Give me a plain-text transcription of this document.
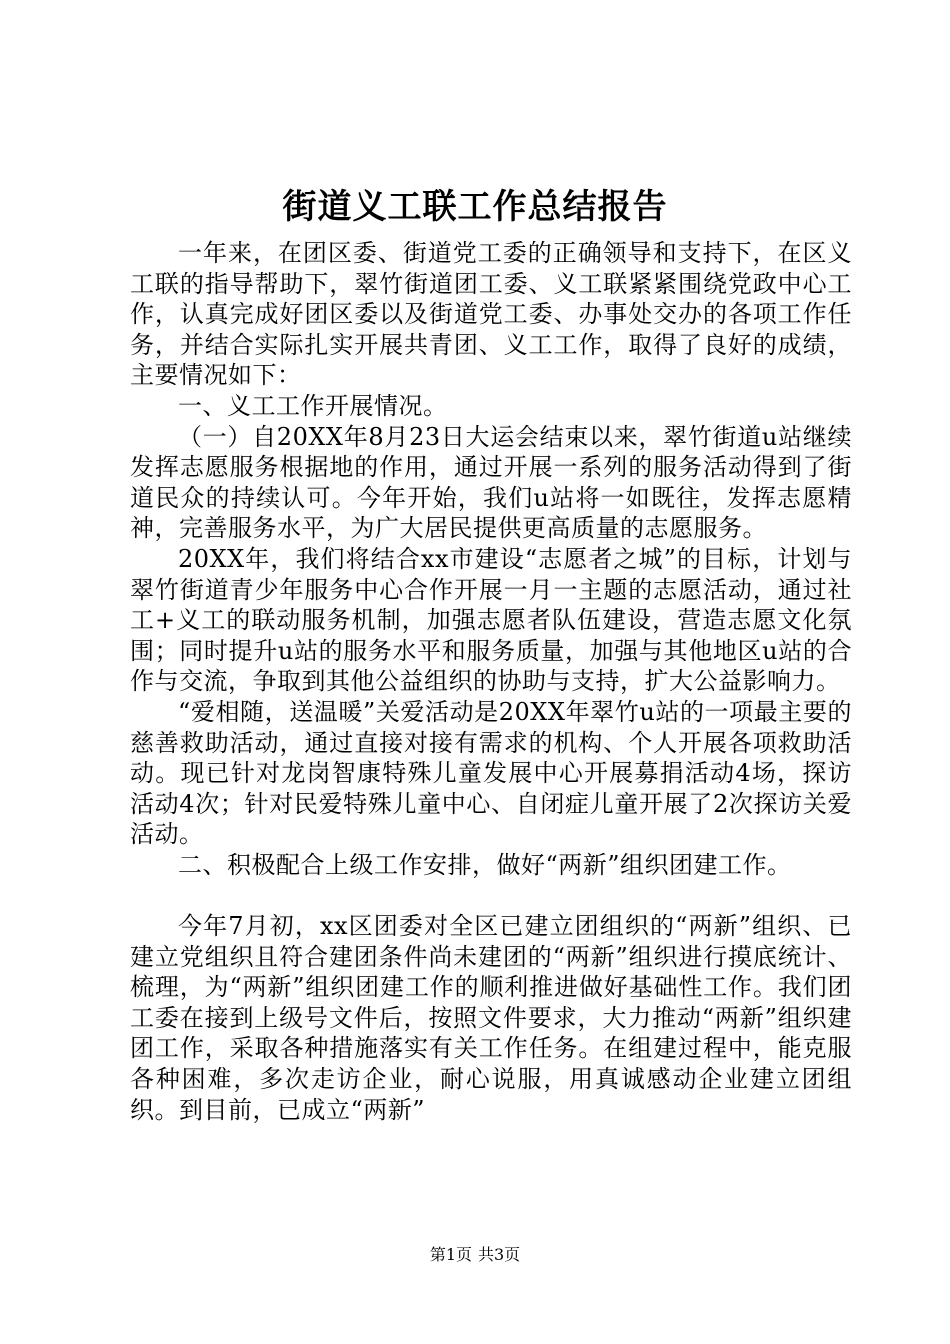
街道义工联工作总结报告

一年来，在团区委、街道党工委的正确领导和支持下，在区义工联的指导帮助下，翠竹街道团工委、义工联紧紧围绕党政中心工作，认真完成好团区委以及街道党工委、办事处交办的各项工作任务，并结合实际扎实开展共青团、义工工作，取得了良好的成绩，主要情况如下：

一、义工工作开展情况。

（一）自20XX年8月23日大运会结束以来，翠竹街道u站继续发挥志愿服务根据地的作用，通过开展一系列的服务活动得到了街道民众的持续认可。今年开始，我们u站将一如既往，发挥志愿精神，完善服务水平，为广大居民提供更高质量的志愿服务。

20XX年，我们将结合xx市建设“志愿者之城”的目标，计划与翠竹街道青少年服务中心合作开展一月一主题的志愿活动，通过社工+义工的联动服务机制，加强志愿者队伍建设，营造志愿文化氛围；同时提升u站的服务水平和服务质量，加强与其他地区u站的合作与交流，争取到其他公益组织的协助与支持，扩大公益影响力。

“爱相随，送温暖”关爱活动是20XX年翠竹u站的一项最主要的慈善救助活动，通过直接对接有需求的机构、个人开展各项救助活动。现已针对龙岗智康特殊儿童发展中心开展募捐活动4场，探访活动4次；针对民爱特殊儿童中心、自闭症儿童开展了2次探访关爱活动。

二、积极配合上级工作安排，做好“两新”组织团建工作。

今年7月初，xx区团委对全区已建立团组织的“两新”组织、已建立党组织且符合建团条件尚未建团的“两新”组织进行摸底统计、梳理，为“两新”组织团建工作的顺利推进做好基础性工作。我们团工委在接到上级号文件后，按照文件要求，大力推动“两新”组织建团工作，采取各种措施落实有关工作任务。在组建过程中，能克服各种困难，多次走访企业，耐心说服，用真诚感动企业建立团组织。到目前，已成立“两新”

第1页 共3页
